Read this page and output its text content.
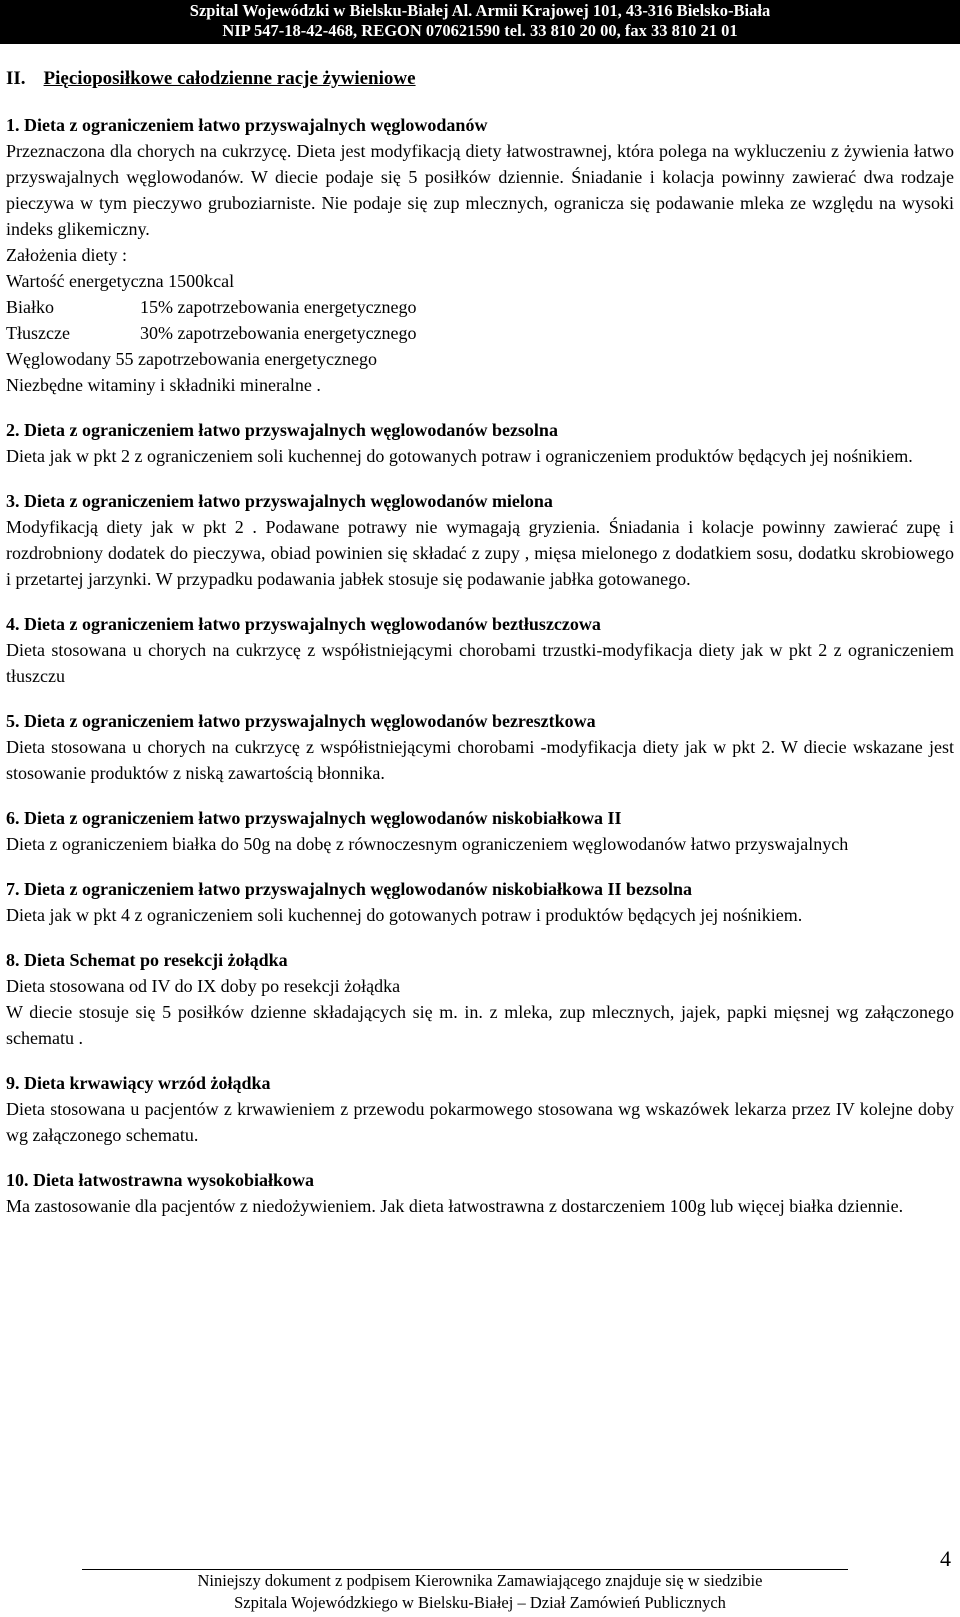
Szpital Wojewódzki w Bielsku-Białej Al. Armii Krajowej 101, 43-316 Bielsko-Biała
NIP 547-18-42-468, REGON 070621590 tel. 33 810 20 00, fax 33 810 21 01
II. Pięcioposiłkowe całodzienne racje żywieniowe
1. Dieta z ograniczeniem łatwo przyswajalnych węglowodanów
Przeznaczona dla chorych na cukrzycę. Dieta jest modyfikacją diety łatwostrawnej, która polega na wykluczeniu z żywienia łatwo przyswajalnych węglowodanów. W diecie podaje się 5 posiłków dziennie. Śniadanie i kolacja powinny zawierać dwa rodzaje pieczywa w tym pieczywo gruboziarniste. Nie podaje się zup mlecznych, ogranicza się podawanie mleka ze względu na wysoki indeks glikemiczny.
Założenia diety :
Wartość energetyczna 1500kcal
Białko	15% zapotrzebowania energetycznego
Tłuszcze	30% zapotrzebowania energetycznego
Węglowodany 55 zapotrzebowania energetycznego
Niezbędne witaminy i składniki mineralne .
2. Dieta z ograniczeniem łatwo przyswajalnych węglowodanów bezsolna
Dieta jak w pkt 2 z ograniczeniem soli kuchennej do gotowanych potraw i ograniczeniem produktów będących jej nośnikiem.
3. Dieta z ograniczeniem łatwo przyswajalnych węglowodanów mielona
Modyfikacją diety jak w pkt 2 . Podawane potrawy nie wymagają gryzienia. Śniadania i kolacje powinny zawierać zupę i rozdrobniony dodatek do pieczywa, obiad powinien się składać z zupy , mięsa mielonego z dodatkiem sosu, dodatku skrobiowego i przetartej jarzynki. W przypadku podawania jabłek stosuje się podawanie jabłka gotowanego.
4. Dieta z ograniczeniem łatwo przyswajalnych węglowodanów beztłuszczowa
Dieta stosowana u chorych na cukrzycę z współistniejącymi chorobami trzustki-modyfikacja diety jak w pkt 2 z ograniczeniem tłuszczu
5. Dieta z ograniczeniem łatwo przyswajalnych węglowodanów bezresztkowa
Dieta stosowana u chorych na cukrzycę z współistniejącymi chorobami -modyfikacja diety jak w pkt 2. W diecie wskazane jest stosowanie produktów z niską zawartością błonnika.
6. Dieta z ograniczeniem łatwo przyswajalnych węglowodanów niskobiałkowa II
Dieta z ograniczeniem białka do 50g na dobę z równoczesnym ograniczeniem węglowodanów łatwo przyswajalnych
7. Dieta z ograniczeniem łatwo przyswajalnych węglowodanów niskobiałkowa II bezsolna
Dieta jak w pkt 4 z ograniczeniem soli kuchennej do gotowanych potraw i produktów będących jej nośnikiem.
8. Dieta Schemat po resekcji żołądka
Dieta stosowana od IV do IX doby po resekcji żołądka
W diecie stosuje się 5 posiłków dzienne składających się m. in. z mleka, zup mlecznych, jajek, papki mięsnej wg załączonego schematu .
9. Dieta krwawiący wrzód żołądka
Dieta stosowana u pacjentów z krwawieniem z przewodu pokarmowego stosowana wg wskazówek lekarza przez IV kolejne doby wg załączonego schematu.
10. Dieta łatwostrawna wysokobiałkowa
Ma zastosowanie dla pacjentów z niedożywieniem. Jak dieta łatwostrawna z dostarczeniem 100g lub więcej białka dziennie.
4
Niniejszy dokument z podpisem Kierownika Zamawiającego znajduje się w siedzibie
Szpitala Wojewódzkiego w Bielsku-Białej – Dział Zamówień Publicznych
